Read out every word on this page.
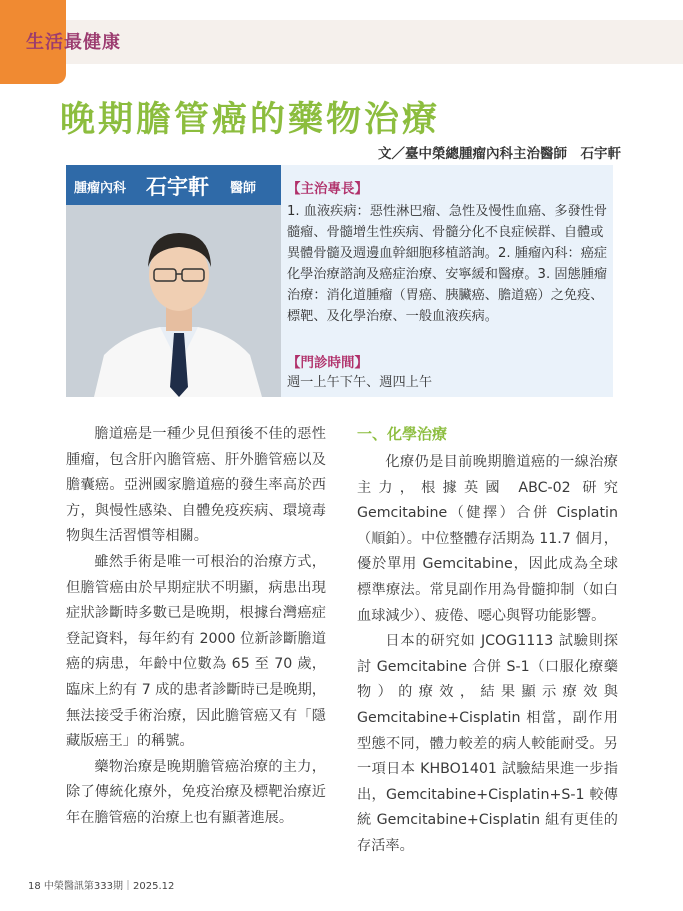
生活最健康
晚期膽管癌的藥物治療
文／臺中榮總腫瘤內科主治醫師　石宇軒
腫瘤內科 石宇軒 醫師 【主治專長】
1. 血液疾病：惡性淋巴瘤、急性及慢性血癌、多發性骨髓瘤、骨髓增生性疾病、骨髓分化不良症候群、自體或異體骨髓及週邊血幹細胞移植諮詢。2. 腫瘤內科：癌症化學治療諮詢及癌症治療、安寧緩和醫療。3. 固態腫瘤治療：消化道腫瘤（胃癌、胰臟癌、膽道癌）之免疫、標靶、及化學治療、一般血液疾病。
【門診時間】
週一上午下午、週四上午

膽道癌是一種少見但預後不佳的惡性腫瘤，包含肝內膽管癌、肝外膽管癌以及膽囊癌。亞洲國家膽道癌的發生率高於西方，與慢性感染、自體免疫疾病、環境毒物與生活習慣等相關。

雖然手術是唯一可根治的治療方式，但膽管癌由於早期症狀不明顯，病患出現症狀診斷時多數已是晚期，根據台灣癌症登記資料，每年約有 2000 位新診斷膽道癌的病患，年齡中位數為 65 至 70 歲，臨床上約有 7 成的患者診斷時已是晚期，無法接受手術治療，因此膽管癌又有「隱藏版癌王」的稱號。

藥物治療是晚期膽管癌治療的主力，除了傳統化療外，免疫治療及標靶治療近年在膽管癌的治療上也有顯著進展。

一、化學治療

化療仍是目前晚期膽道癌的一線治療主力，根據英國 ABC-02 研究 Gemcitabine（健擇）合併 Cisplatin（順鉑）。中位整體存活期為 11.7 個月，優於單用 Gemcitabine，因此成為全球標準療法。常見副作用為骨髓抑制（如白血球減少）、疲倦、噁心與腎功能影響。

日本的研究如 JCOG1113 試驗則探討 Gemcitabine 合併 S-1（口服化療藥物）的療效，結果顯示療效與 Gemcitabine+Cisplatin 相當，副作用型態不同，體力較差的病人較能耐受。另一項日本 KHBO1401 試驗結果進一步指出，Gemcitabine+Cisplatin+S-1 較傳統 Gemcitabine+Cisplatin 組有更佳的存活率。

18 中榮醫訊第333期｜2025.12
